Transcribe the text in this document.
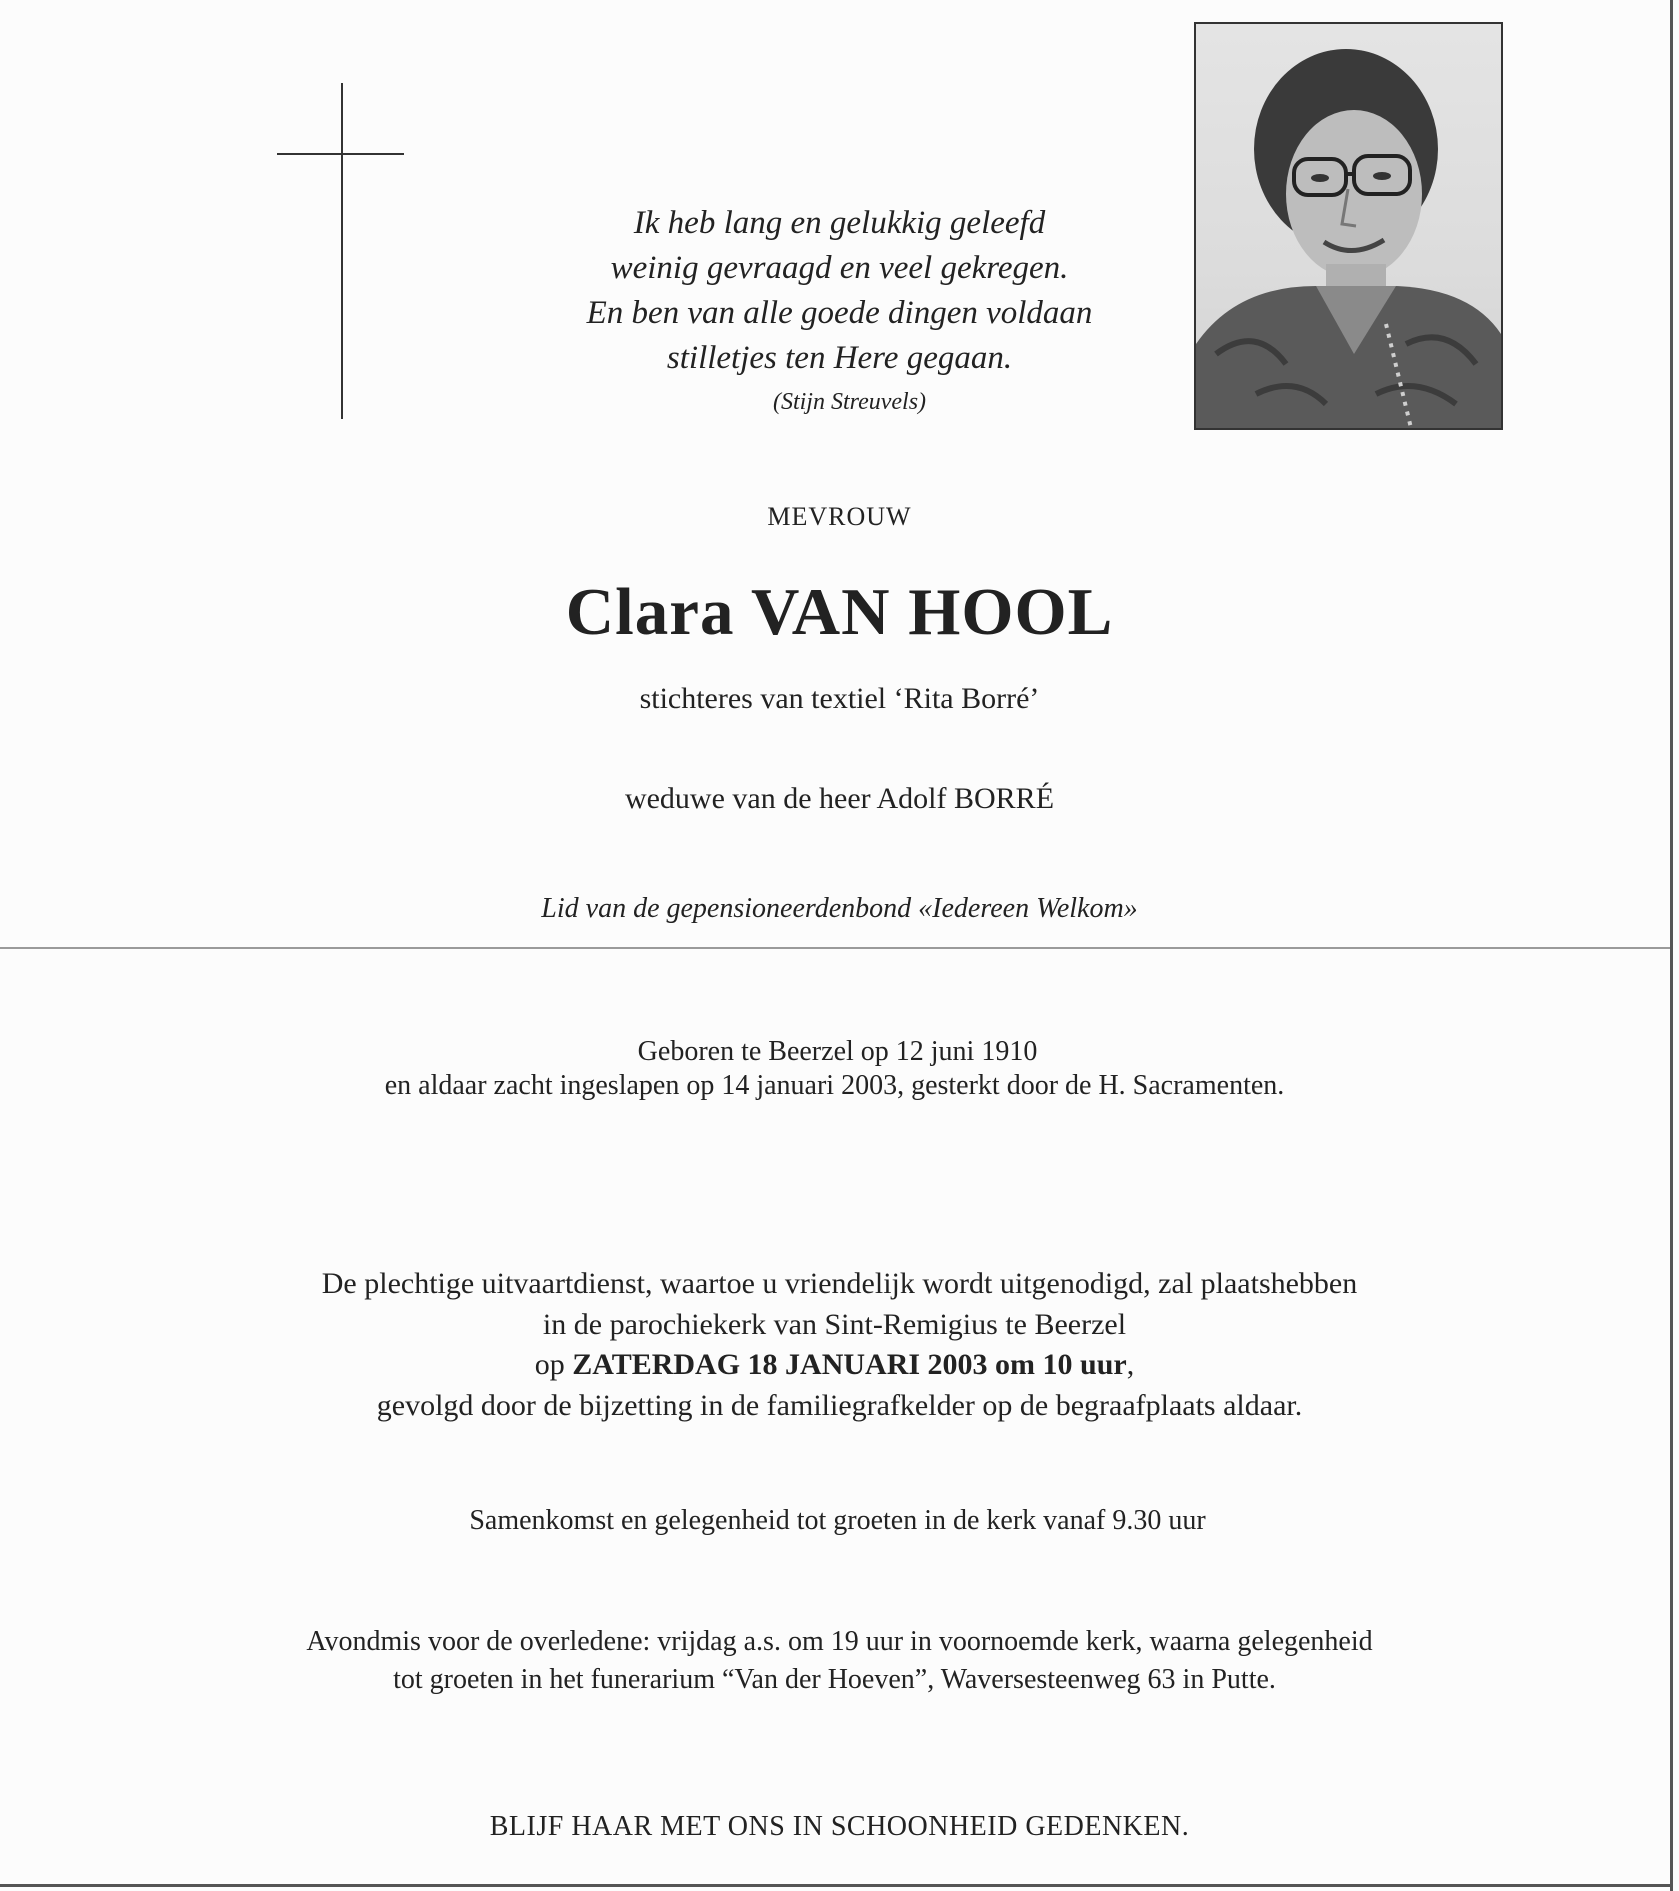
Ik heb lang en gelukkig geleefd
weinig gevraagd en veel gekregen.
En ben van alle goede dingen voldaan
stilletjes ten Here gegaan.
(Stijn Streuvels)
MEVROUW
Clara VAN HOOL
stichteres van textiel ‘Rita Borré’
weduwe van de heer Adolf BORRÉ
Lid van de gepensioneerdenbond «Iedereen Welkom»
Geboren te Beerzel op 12 juni 1910
en aldaar zacht ingeslapen op 14 januari 2003, gesterkt door de H. Sacramenten.
De plechtige uitvaartdienst, waartoe u vriendelijk wordt uitgenodigd, zal plaatshebben
in de parochiekerk van Sint-Remigius te Beerzel
op ZATERDAG 18 JANUARI 2003 om 10 uur,
gevolgd door de bijzetting in de familiegrafkelder op de begraafplaats aldaar.
Samenkomst en gelegenheid tot groeten in de kerk vanaf 9.30 uur
Avondmis voor de overledene: vrijdag a.s. om 19 uur in voornoemde kerk, waarna gelegenheid
tot groeten in het funerarium “Van der Hoeven”, Waversesteenweg 63 in Putte.
BLIJF HAAR MET ONS IN SCHOONHEID GEDENKEN.
